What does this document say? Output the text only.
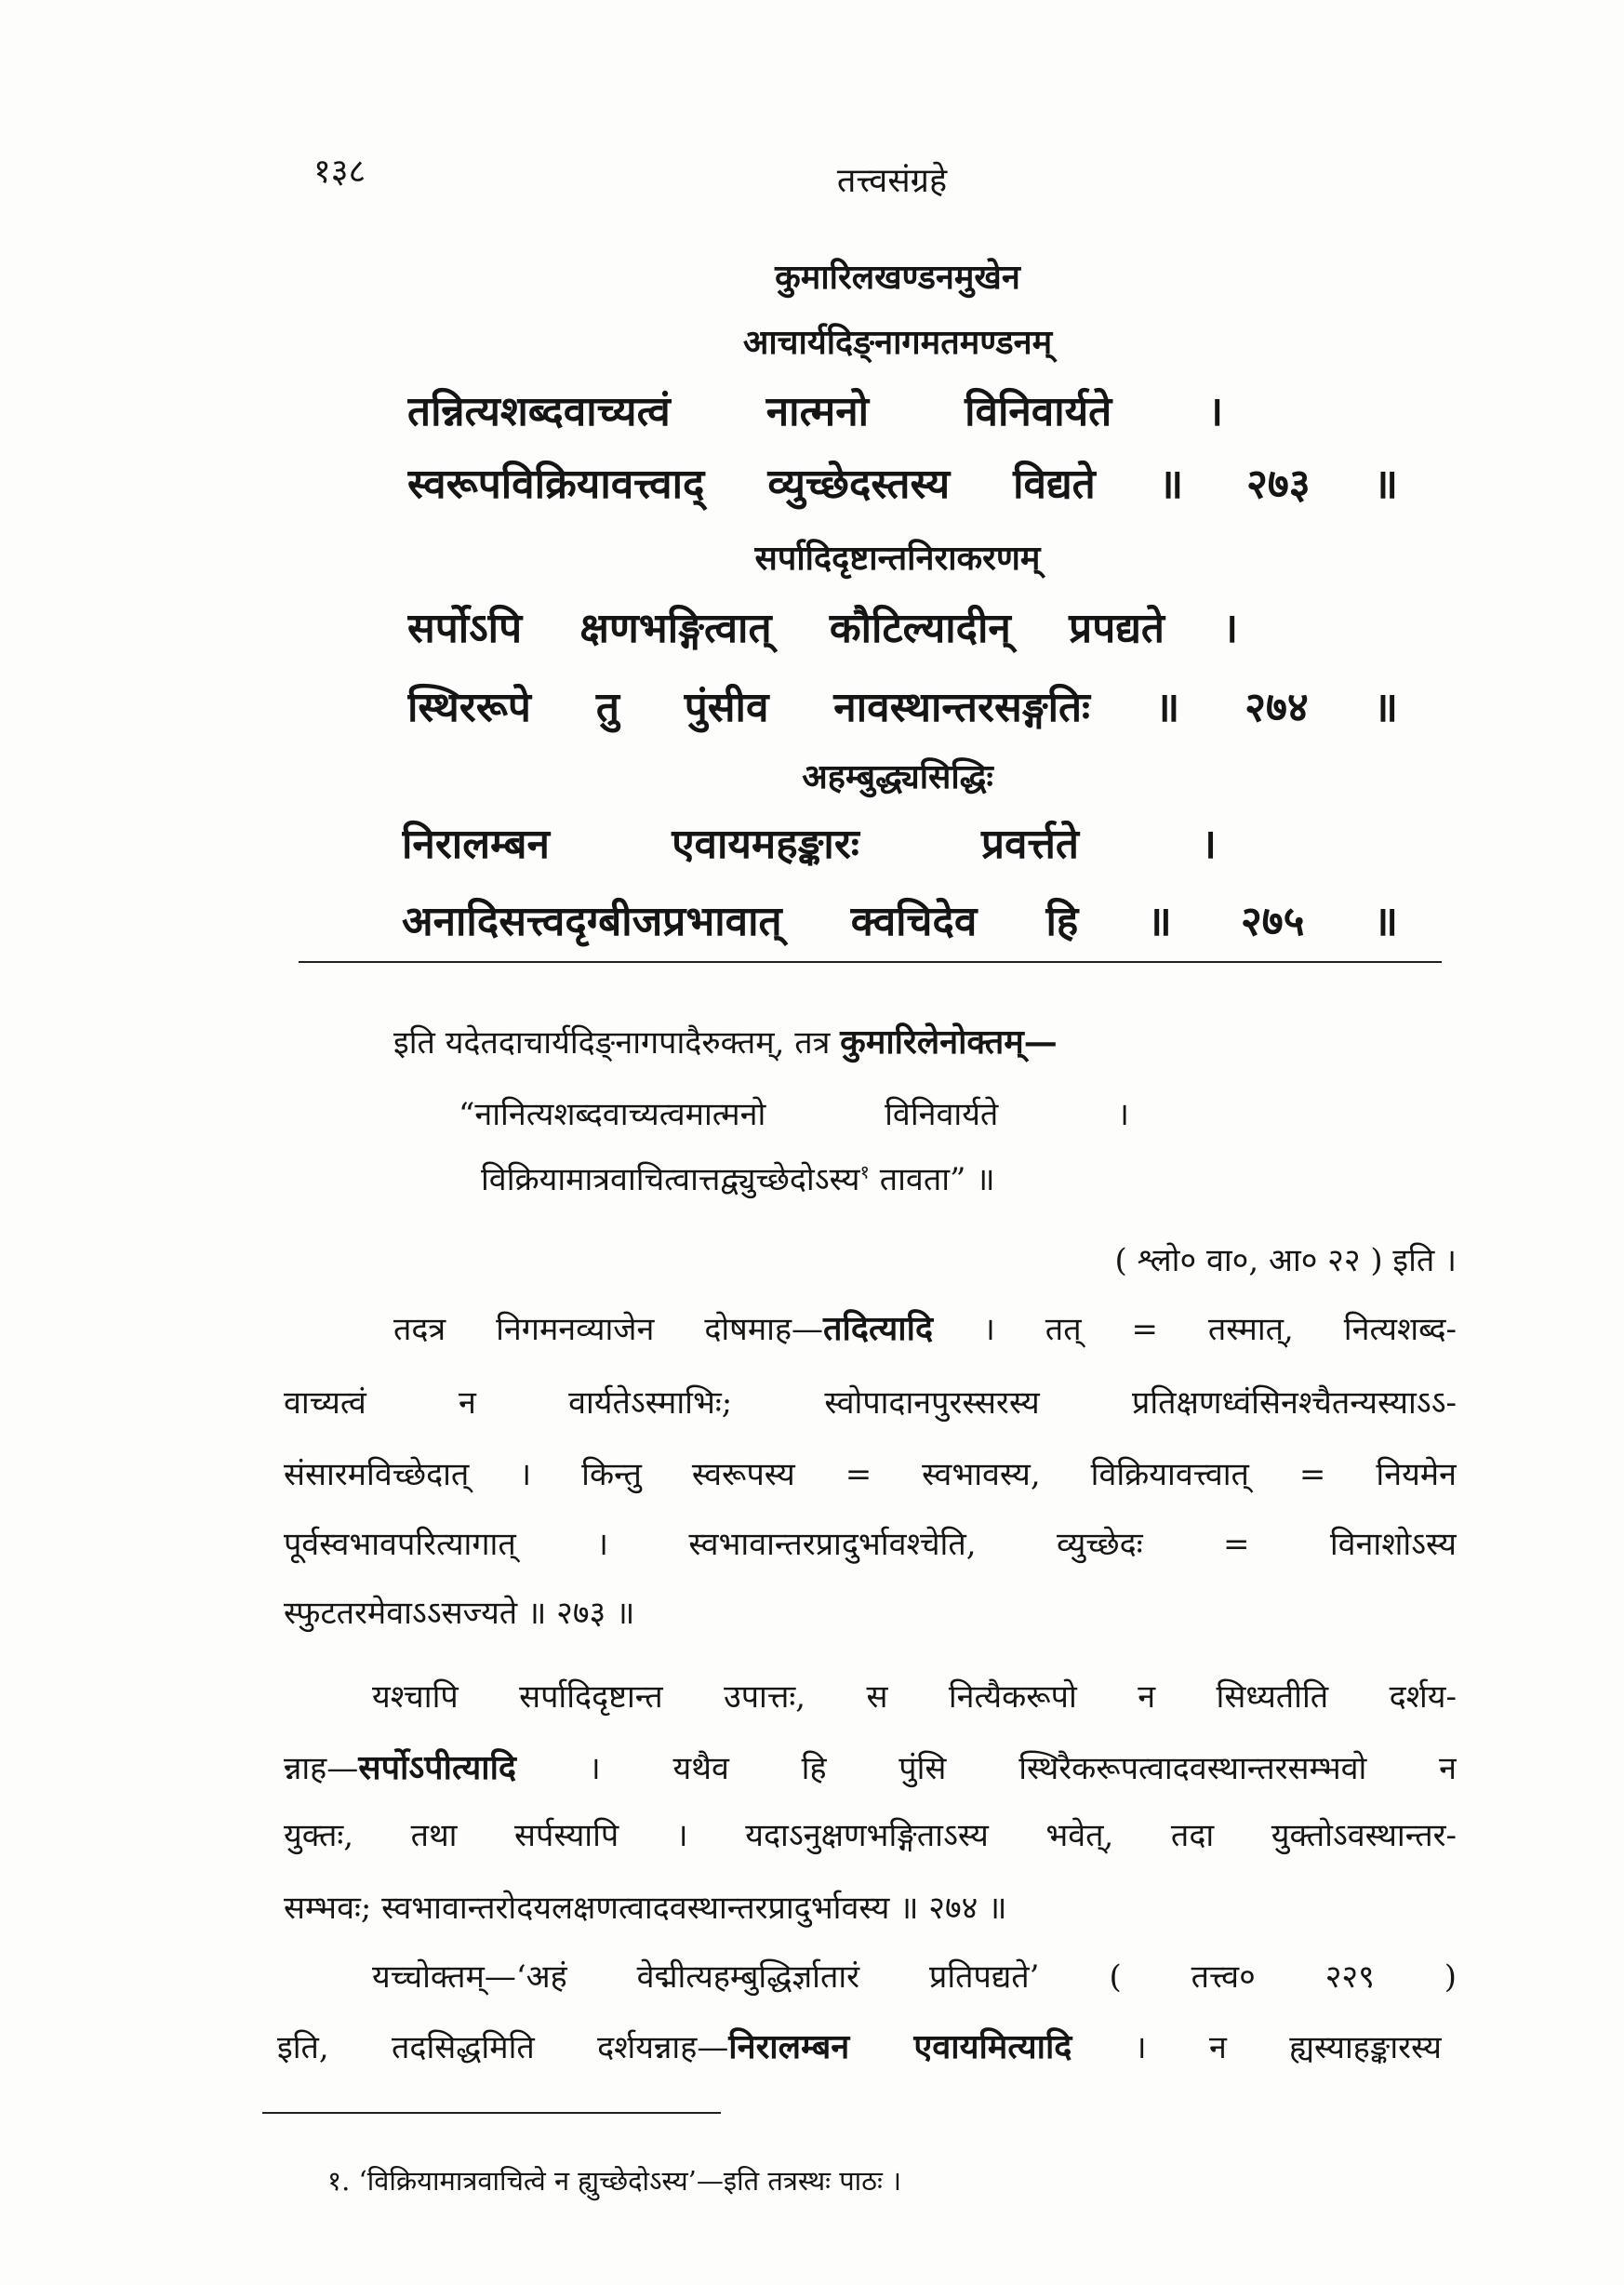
१३८	तत्त्वसंग्रहे
कुमारिलखण्डनमुखेन
आचार्यदिङ्नागमतमण्डनम्
तन्नित्यशब्दवाच्यत्वं नात्मनो विनिवार्यते ।
स्वरूपविक्रियावत्त्वाद् व्युच्छेदस्तस्य विद्यते ॥ २७३ ॥
सर्पादिदृष्टान्तनिराकरणम्
सर्पोऽपि क्षणभङ्गित्वात् कौटिल्यादीन् प्रपद्यते ।
स्थिररूपे तु पुंसीव नावस्थान्तरसङ्गतिः ॥ २७४ ॥
अहम्बुद्ध्यसिद्धिः
निरालम्बन एवायमहङ्कारः प्रवर्त्तते ।
अनादिसत्त्वदृग्बीजप्रभावात् क्वचिदेव हि ॥ २७५ ॥
इति यदेतदाचार्यदिङ्नागपादैरुक्तम्, तत्र कुमारिलेनोक्तम्—
“नानित्यशब्दवाच्यत्वमात्मनो विनिवार्यते ।
विक्रियामात्रवाचित्वात्तद्व्युच्छेदोऽस्य$^१$ तावता” ॥
( श्लो० वा०, आ० २२ ) इति ।
तदत्र निगमनव्याजेन दोषमाह—तदित्यादि । तत् = तस्मात्, नित्यशब्द-
वाच्यत्वं न वार्यतेऽस्माभिः; स्वोपादानपुरस्सरस्य प्रतिक्षणध्वंसिनश्चैतन्यस्याऽऽ-
संसारमविच्छेदात् । किन्तु स्वरूपस्य = स्वभावस्य, विक्रियावत्त्वात् = नियमेन
पूर्वस्वभावपरित्यागात् । स्वभावान्तरप्रादुर्भावश्चेति, व्युच्छेदः = विनाशोऽस्य
स्फुटतरमेवाऽऽसज्यते ॥ २७३ ॥
यश्चापि सर्पादिदृष्टान्त उपात्तः, स नित्यैकरूपो न सिध्यतीति दर्शय-
न्नाह—सर्पोऽपीत्यादि । यथैव हि पुंसि स्थिरैकरूपत्वादवस्थान्तरसम्भवो न
युक्तः, तथा सर्पस्यापि । यदाऽनुक्षणभङ्गिताऽस्य भवेत्, तदा युक्तोऽवस्थान्तर-
सम्भवः; स्वभावान्तरोदयलक्षणत्वादवस्थान्तरप्रादुर्भावस्य ॥ २७४ ॥
यच्चोक्तम्—‘अहं वेद्मीत्यहम्बुद्धिर्ज्ञातारं प्रतिपद्यते’ ( तत्त्व० २२९ )
इति, तदसिद्धमिति दर्शयन्नाह—निरालम्बन एवायमित्यादि । न ह्यस्याहङ्कारस्य
१. ‘विक्रियामात्रवाचित्वे न ह्युच्छेदोऽस्य’—इति तत्रस्थः पाठः ।
